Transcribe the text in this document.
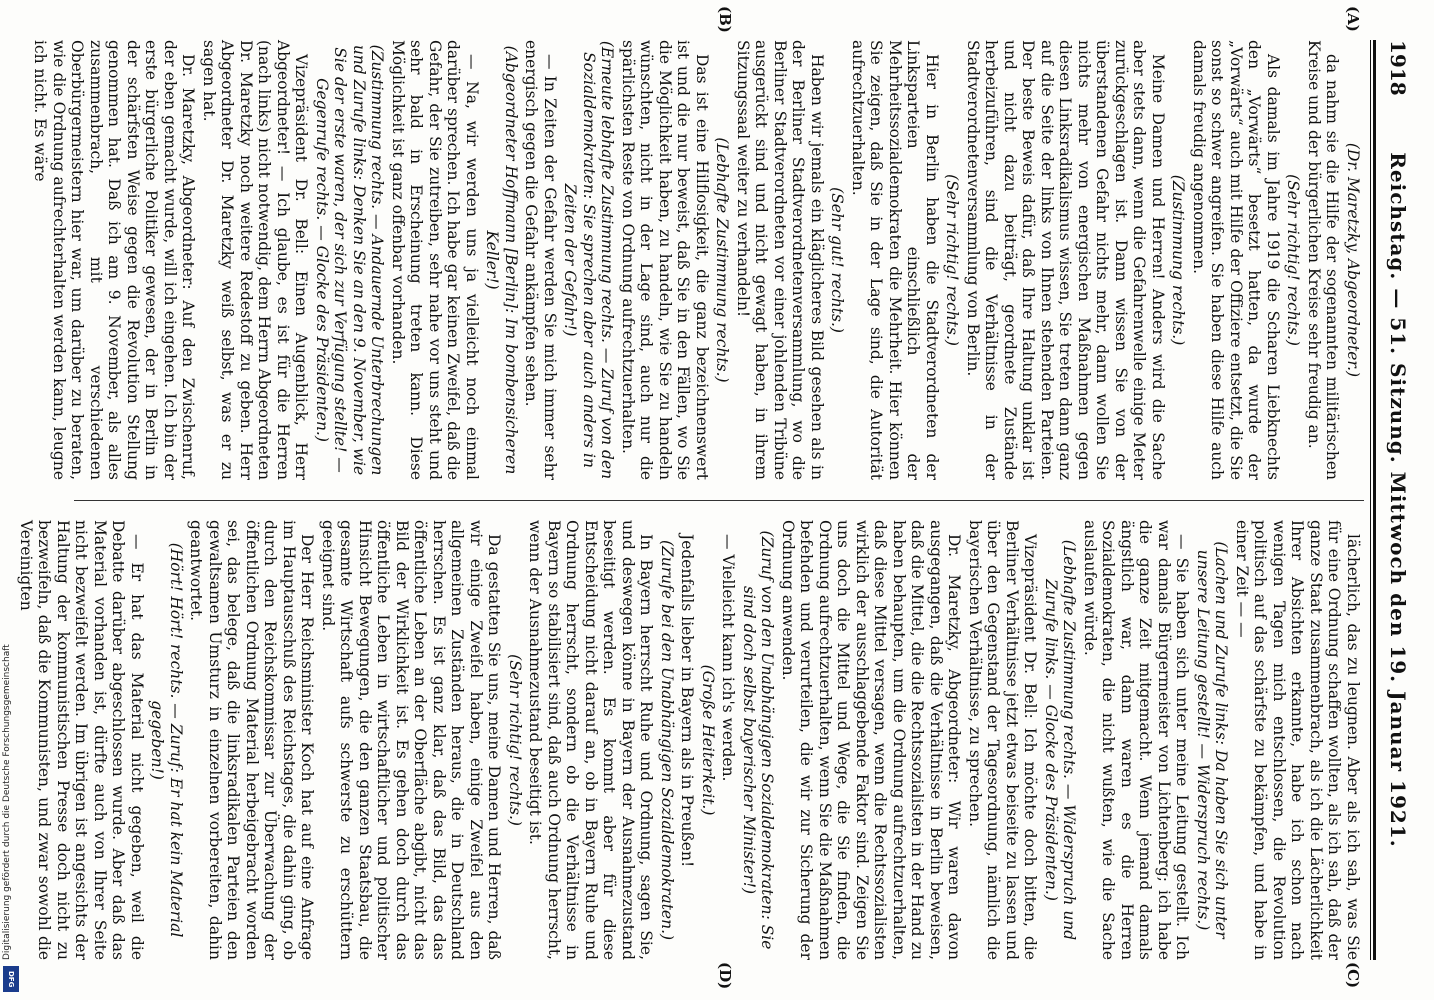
Digitalisierung gefördert durch die Deutsche Forschungsgemeinschaft
DFG
1918
Reichstag. — 51. Sitzung. Mittwoch den 19. Januar 1921.
(A)
(B)
(C)
(D)

(Dr. Maretzky, Abgeordneter.)

da nahm sie die Hilfe der sogenannten militärischen Kreise und der bürgerlichen Kreise sehr freudig an.

(Sehr richtig! rechts.)

Als damals im Jahre 1919 die Scharen Liebknechts den „Vorwärts“ besetzt hatten, da wurde der „Vorwärts“ auch mit Hilfe der Offiziere entsetzt, die Sie sonst so schwer angreifen. Sie haben diese Hilfe auch damals freudig angenommen.

(Zustimmung rechts.)

Meine Damen und Herren! Anders wird die Sache aber stets dann, wenn die Gefahrenwelle einige Meter zurückgeschlagen ist. Dann wissen Sie von der überstandenen Gefahr nichts mehr, dann wollen Sie nichts mehr von energischen Maßnahmen gegen diesen Linksradikalismus wissen, Sie treten dann ganz auf die Seite der links von Ihnen stehenden Parteien. Der beste Beweis dafür, daß Ihre Haltung unklar ist und nicht dazu beiträgt, geordnete Zustände herbeizuführen, sind die Verhältnisse in der Stadtverordnetenversammlung von Berlin.

(Sehr richtig! rechts.)

Hier in Berlin haben die Stadtverordneten der Linksparteien einschließlich der Mehrheitssozialdemokraten die Mehrheit. Hier können Sie zeigen, daß Sie in der Lage sind, die Autorität aufrechtzuerhalten.

(Sehr gut! rechts.)

Haben wir jemals ein kläglicheres Bild gesehen als in der Berliner Stadtverordnetenversammlung, wo die Berliner Stadtverordneten vor einer johlenden Tribüne ausgerückt sind und nicht gewagt haben, in ihrem Sitzungssaal weiter zu verhandeln!

(Lebhafte Zustimmung rechts.)

Das ist eine Hilflosigkeit, die ganz bezeichnenswert ist und die nur beweist, daß Sie in den Fällen, wo Sie die Möglichkeit haben, zu handeln, wie Sie zu handeln wünschten, nicht in der Lage sind, auch nur die spärlichsten Reste von Ordnung aufrechtzuerhalten.

(Erneute lebhafte Zustimmung rechts. — Zuruf von den Sozialdemokraten: Sie sprechen aber auch anders in Zeiten der Gefahr!)

— In Zeiten der Gefahr werden Sie mich immer sehr energisch gegen die Gefahr ankämpfen sehen.

(Abgeordneter Hoffmann [Berlin]: Im bombensicheren Keller!)

— Na, wir werden uns ja vielleicht noch einmal darüber sprechen. Ich habe gar keinen Zweifel, daß die Gefahr, der Sie zutreiben, sehr nahe vor uns steht und sehr bald in Erscheinung treten kann. Diese Möglichkeit ist ganz offenbar vorhanden.

(Zustimmung rechts. — Andauernde Unterbrechungen und Zurufe links: Denken Sie an den 9. November, wie Sie der erste waren, der sich zur Verfügung stellte! — Gegenrufe rechts. — Glocke des Präsidenten.)

Vizepräsident Dr. Bell: Einen Augenblick, Herr Abgeordneter! — Ich glaube, es ist für die Herren (nach links) nicht notwendig, dem Herrn Abgeordneten Dr. Maretzky noch weitere Redestoff zu geben. Herr Abgeordneter Dr. Maretzky weiß selbst, was er zu sagen hat.

Dr. Maretzky, Abgeordneter: Auf den Zwischenruf, der eben gemacht wurde, will ich eingehen. Ich bin der erste bürgerliche Politiker gewesen, der in Berlin in der schärfsten Weise gegen die Revolution Stellung genommen hat. Daß ich am 9. November, als alles zusammenbrach, mit verschiedenen Oberbürgermeistern hier war, um darüber zu beraten, wie die Ordnung aufrechterhalten werden kann, leugne ich nicht. Es wäre

lächerlich, das zu leugnen. Aber als ich sah, was Sie für eine Ordnung schaffen wollten, als ich sah, daß der ganze Staat zusammenbrach, als ich die Lächerlichkeit Ihrer Absichten erkannte, habe ich schon nach wenigen Tagen mich entschlossen, die Revolution politisch auf das schärfste zu bekämpfen, und habe in einer Zeit — —

(Lachen und Zurufe links: Da haben Sie sich unter unsere Leitung gestellt! — Widerspruch rechts.)

— Sie haben sich unter meine Leitung gestellt. Ich war damals Bürgermeister von Lichtenberg; ich habe die ganze Zeit mitgemacht. Wenn jemand damals ängstlich war, dann waren es die Herren Sozialdemokraten, die nicht wußten, wie die Sache auslaufen würde.

(Lebhafte Zustimmung rechts. — Widerspruch und Zurufe links. — Glocke des Präsidenten.)

Vizepräsident Dr. Bell: Ich möchte doch bitten, die Berliner Verhältnisse jetzt etwas beiseite zu lassen und über den Gegenstand der Tagesordnung, nämlich die bayerischen Verhältnisse, zu sprechen.

Dr. Maretzky, Abgeordneter: Wir waren davon ausgegangen, daß die Verhältnisse in Berlin beweisen, daß die Mittel, die die Rechtssozialisten in der Hand zu haben behaupten, um die Ordnung aufrechtzuerhalten, daß diese Mittel versagen, wenn die Rechtssozialisten wirklich der ausschlaggebende Faktor sind. Zeigen Sie uns doch die Mittel und Wege, die Sie finden, die Ordnung aufrechtzuerhalten, wenn Sie die Maßnahmen befehden und verurteilen, die wir zur Sicherung der Ordnung anwenden.

(Zuruf von den Unabhängigen Sozialdemokraten: Sie sind doch selbst bayerischer Minister!)

— Vielleicht kann ich's werden.

(Große Heiterkeit.)

Jedenfalls lieber in Bayern als in Preußen!

(Zurufe bei den Unabhängigen Sozialdemokraten.)

In Bayern herrscht Ruhe und Ordnung, sagen Sie, und deswegen könne in Bayern der Ausnahmezustand beseitigt werden. Es kommt aber für diese Entscheidung nicht darauf an, ob in Bayern Ruhe und Ordnung herrscht, sondern ob die Verhältnisse in Bayern so stabilisiert sind, daß auch Ordnung herrscht, wenn der Ausnahmezustand beseitigt ist.

(Sehr richtig! rechts.)

Da gestatten Sie uns, meine Damen und Herren, daß wir einige Zweifel haben, einige Zweifel aus den allgemeinen Zuständen heraus, die in Deutschland herrschen. Es ist ganz klar, daß das Bild, das das öffentliche Leben an der Oberfläche abgibt, nicht das Bild der Wirklichkeit ist. Es gehen doch durch das öffentliche Leben in wirtschaftlicher und politischer Hinsicht Bewegungen, die den ganzen Staatsbau, die gesamte Wirtschaft aufs schwerste zu erschüttern geeignet sind.

Der Herr Reichsminister Koch hat auf eine Anfrage im Hauptausschuß des Reichstages, die dahin ging, ob durch den Reichskommissar zur Überwachung der öffentlichen Ordnung Material herbeigebracht worden sei, das belege, daß die linksradikalen Parteien den gewaltsamen Umsturz in einzelnen vorbereiten, dahin geantwortet.

(Hört! Hört! rechts. — Zuruf: Er hat kein Material gegeben!)

— Er hat das Material nicht gegeben, weil die Debatte darüber abgeschlossen wurde. Aber daß das Material vorhanden ist, dürfte auch von Ihrer Seite nicht bezweifelt werden. Im übrigen ist angesichts der Haltung der kommunistischen Presse doch nicht zu bezweifeln, daß die Kommunisten, und zwar sowohl die Vereinigten
